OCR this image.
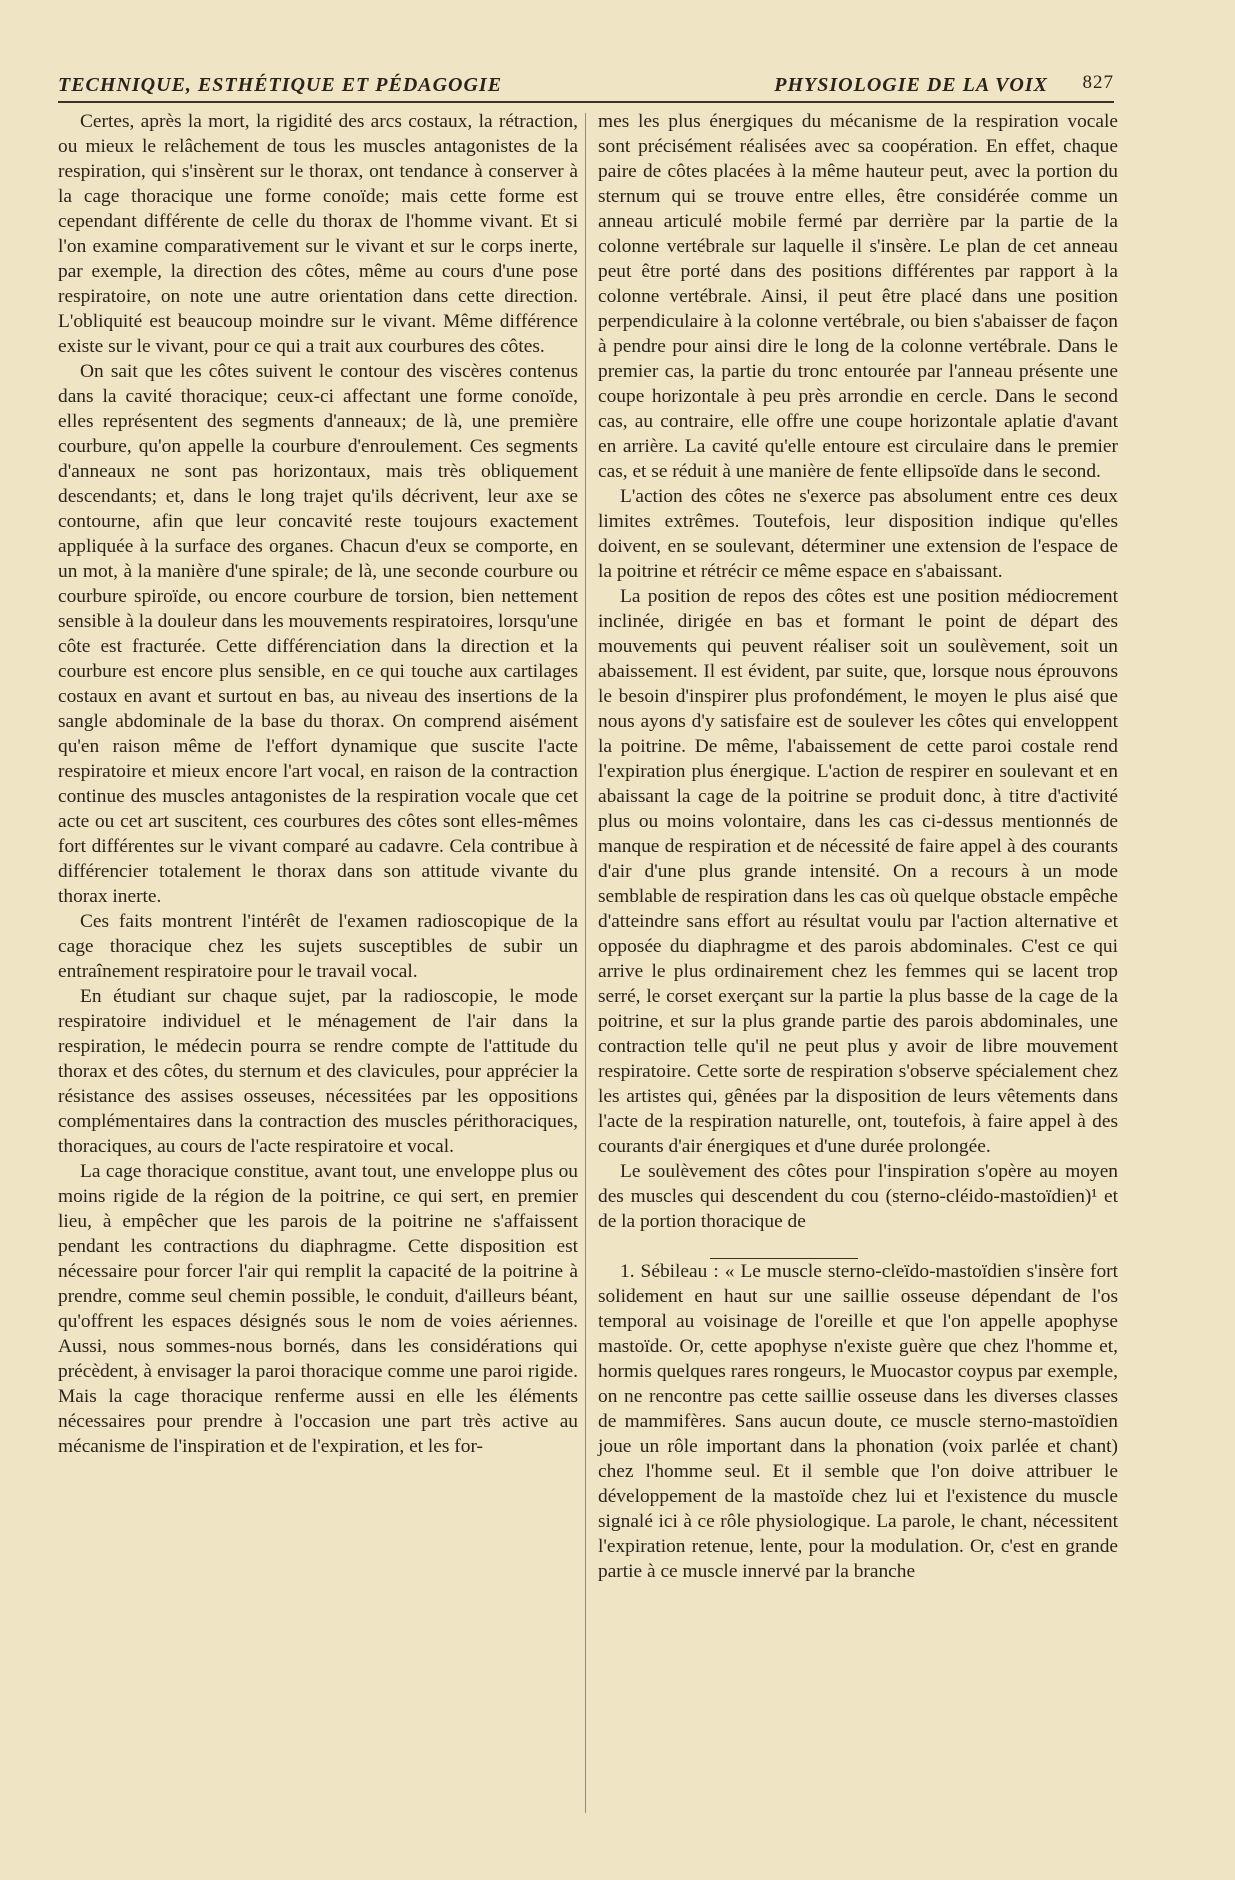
TECHNIQUE, ESTHÉTIQUE ET PÉDAGOGIE	PHYSIOLOGIE DE LA VOIX 827

Certes, après la mort, la rigidité des arcs costaux, la rétraction, ou mieux le relâchement de tous les muscles antagonistes de la respiration, qui s'insèrent sur le thorax, ont tendance à conserver à la cage thoracique une forme conoïde; mais cette forme est cependant différente de celle du thorax de l'homme vivant. Et si l'on examine comparativement sur le vivant et sur le corps inerte, par exemple, la direction des côtes, même au cours d'une pose respiratoire, on note une autre orientation dans cette direction. L'obliquité est beaucoup moindre sur le vivant. Même différence existe sur le vivant, pour ce qui a trait aux courbures des côtes.

On sait que les côtes suivent le contour des viscères contenus dans la cavité thoracique; ceux-ci affectant une forme conoïde, elles représentent des segments d'anneaux; de là, une première courbure, qu'on appelle la courbure d'enroulement. Ces segments d'anneaux ne sont pas horizontaux, mais très obliquement descendants; et, dans le long trajet qu'ils décrivent, leur axe se contourne, afin que leur concavité reste toujours exactement appliquée à la surface des organes. Chacun d'eux se comporte, en un mot, à la manière d'une spirale; de là, une seconde courbure ou courbure spiroïde, ou encore courbure de torsion, bien nettement sensible à la douleur dans les mouvements respiratoires, lorsqu'une côte est fracturée. Cette différenciation dans la direction et la courbure est encore plus sensible, en ce qui touche aux cartilages costaux en avant et surtout en bas, au niveau des insertions de la sangle abdominale de la base du thorax. On comprend aisément qu'en raison même de l'effort dynamique que suscite l'acte respiratoire et mieux encore l'art vocal, en raison de la contraction continue des muscles antagonistes de la respiration vocale que cet acte ou cet art suscitent, ces courbures des côtes sont elles-mêmes fort différentes sur le vivant comparé au cadavre. Cela contribue à différencier totalement le thorax dans son attitude vivante du thorax inerte.

Ces faits montrent l'intérêt de l'examen radioscopique de la cage thoracique chez les sujets susceptibles de subir un entraînement respiratoire pour le travail vocal.

En étudiant sur chaque sujet, par la radioscopie, le mode respiratoire individuel et le ménagement de l'air dans la respiration, le médecin pourra se rendre compte de l'attitude du thorax et des côtes, du sternum et des clavicules, pour apprécier la résistance des assises osseuses, nécessitées par les oppositions complémentaires dans la contraction des muscles périthoraciques, thoraciques, au cours de l'acte respiratoire et vocal.

La cage thoracique constitue, avant tout, une enveloppe plus ou moins rigide de la région de la poitrine, ce qui sert, en premier lieu, à empêcher que les parois de la poitrine ne s'affaissent pendant les contractions du diaphragme. Cette disposition est nécessaire pour forcer l'air qui remplit la capacité de la poitrine à prendre, comme seul chemin possible, le conduit, d'ailleurs béant, qu'offrent les espaces désignés sous le nom de voies aériennes. Aussi, nous sommes-nous bornés, dans les considérations qui précèdent, à envisager la paroi thoracique comme une paroi rigide. Mais la cage thoracique renferme aussi en elle les éléments nécessaires pour prendre à l'occasion une part très active au mécanisme de l'inspiration et de l'expiration, et les for-

mes les plus énergiques du mécanisme de la respiration vocale sont précisément réalisées avec sa coopération. En effet, chaque paire de côtes placées à la même hauteur peut, avec la portion du sternum qui se trouve entre elles, être considérée comme un anneau articulé mobile fermé par derrière par la partie de la colonne vertébrale sur laquelle il s'insère. Le plan de cet anneau peut être porté dans des positions différentes par rapport à la colonne vertébrale. Ainsi, il peut être placé dans une position perpendiculaire à la colonne vertébrale, ou bien s'abaisser de façon à pendre pour ainsi dire le long de la colonne vertébrale. Dans le premier cas, la partie du tronc entourée par l'anneau présente une coupe horizontale à peu près arrondie en cercle. Dans le second cas, au contraire, elle offre une coupe horizontale aplatie d'avant en arrière. La cavité qu'elle entoure est circulaire dans le premier cas, et se réduit à une manière de fente ellipsoïde dans le second.

L'action des côtes ne s'exerce pas absolument entre ces deux limites extrêmes. Toutefois, leur disposition indique qu'elles doivent, en se soulevant, déterminer une extension de l'espace de la poitrine et rétrécir ce même espace en s'abaissant.

La position de repos des côtes est une position médiocrement inclinée, dirigée en bas et formant le point de départ des mouvements qui peuvent réaliser soit un soulèvement, soit un abaissement. Il est évident, par suite, que, lorsque nous éprouvons le besoin d'inspirer plus profondément, le moyen le plus aisé que nous ayons d'y satisfaire est de soulever les côtes qui enveloppent la poitrine. De même, l'abaissement de cette paroi costale rend l'expiration plus énergique. L'action de respirer en soulevant et en abaissant la cage de la poitrine se produit donc, à titre d'activité plus ou moins volontaire, dans les cas ci-dessus mentionnés de manque de respiration et de nécessité de faire appel à des courants d'air d'une plus grande intensité. On a recours à un mode semblable de respiration dans les cas où quelque obstacle empêche d'atteindre sans effort au résultat voulu par l'action alternative et opposée du diaphragme et des parois abdominales. C'est ce qui arrive le plus ordinairement chez les femmes qui se lacent trop serré, le corset exerçant sur la partie la plus basse de la cage de la poitrine, et sur la plus grande partie des parois abdominales, une contraction telle qu'il ne peut plus y avoir de libre mouvement respiratoire. Cette sorte de respiration s'observe spécialement chez les artistes qui, gênées par la disposition de leurs vêtements dans l'acte de la respiration naturelle, ont, toutefois, à faire appel à des courants d'air énergiques et d'une durée prolongée.

Le soulèvement des côtes pour l'inspiration s'opère au moyen des muscles qui descendent du cou (sterno-cléido-mastoïdien)¹ et de la portion thoracique de

1. Sébileau : « Le muscle sterno-cleïdo-mastoïdien s'insère fort solidement en haut sur une saillie osseuse dépendant de l'os temporal au voisinage de l'oreille et que l'on appelle apophyse mastoïde. Or, cette apophyse n'existe guère que chez l'homme et, hormis quelques rares rongeurs, le Muocastor coypus par exemple, on ne rencontre pas cette saillie osseuse dans les diverses classes de mammifères. Sans aucun doute, ce muscle sterno-mastoïdien joue un rôle important dans la phonation (voix parlée et chant) chez l'homme seul. Et il semble que l'on doive attribuer le développement de la mastoïde chez lui et l'existence du muscle signalé ici à ce rôle physiologique. La parole, le chant, nécessitent l'expiration retenue, lente, pour la modulation. Or, c'est en grande partie à ce muscle innervé par la branche
